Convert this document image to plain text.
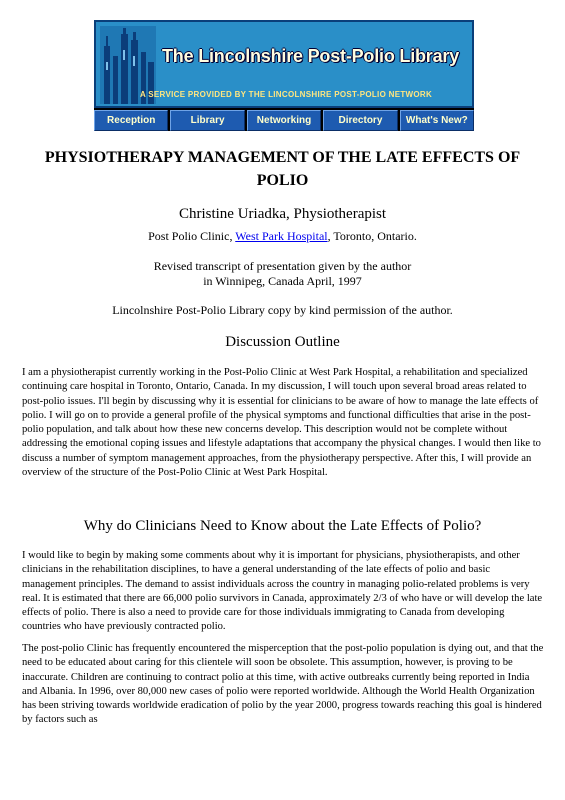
The Lincolnshire Post-Polio Library
A SERVICE PROVIDED BY THE LINCOLNSHIRE POST-POLIO NETWORK
Reception	Library	Networking	Directory	What's New?
PHYSIOTHERAPY MANAGEMENT OF THE LATE EFFECTS OF POLIO
Christine Uriadka, Physiotherapist
Post Polio Clinic, West Park Hospital, Toronto, Ontario.
Revised transcript of presentation given by the author
in Winnipeg, Canada April, 1997
Lincolnshire Post-Polio Library copy by kind permission of the author.
Discussion Outline

I am a physiotherapist currently working in the Post-Polio Clinic at West Park Hospital, a rehabilitation and specialized continuing care hospital in Toronto, Ontario, Canada. In my discussion, I will touch upon several broad areas related to post-polio issues. I'll begin by discussing why it is essential for clinicians to be aware of how to manage the late effects of polio. I will go on to provide a general profile of the physical symptoms and functional difficulties that arise in the post-polio population, and talk about how these new concerns develop. This description would not be complete without addressing the emotional coping issues and lifestyle adaptations that accompany the physical changes. I would then like to discuss a number of symptom management approaches, from the physiotherapy perspective. After this, I will provide an overview of the structure of the Post-Polio Clinic at West Park Hospital.

Why do Clinicians Need to Know about the Late Effects of Polio?

I would like to begin by making some comments about why it is important for physicians, physiotherapists, and other clinicians in the rehabilitation disciplines, to have a general understanding of the late effects of polio and basic management principles. The demand to assist individuals across the country in managing polio-related problems is very real. It is estimated that there are 66,000 polio survivors in Canada, approximately 2/3 of who have or will develop the late effects of polio. There is also a need to provide care for those individuals immigrating to Canada from developing countries who have previously contracted polio.

The post-polio Clinic has frequently encountered the misperception that the post-polio population is dying out, and that the need to be educated about caring for this clientele will soon be obsolete. This assumption, however, is proving to be inaccurate. Children are continuing to contract polio at this time, with active outbreaks currently being reported in India and Albania. In 1996, over 80,000 new cases of polio were reported worldwide. Although the World Health Organization has been striving towards worldwide eradication of polio by the year 2000, progress towards reaching this goal is hindered by factors such as
